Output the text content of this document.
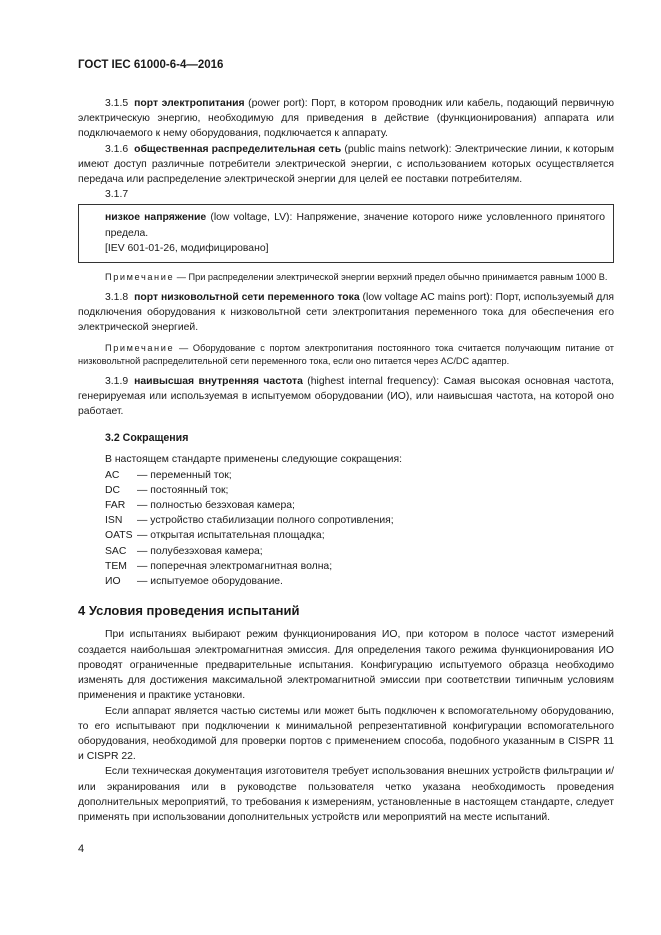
ГОСТ IEC 61000-6-4—2016

3.1.5 порт электропитания (power port): Порт, в котором проводник или кабель, подающий первичную электрическую энергию, необходимую для приведения в действие (функционирования) аппарата или подключаемого к нему оборудования, подключается к аппарату.

3.1.6 общественная распределительная сеть (public mains network): Электрические линии, к которым имеют доступ различные потребители электрической энергии, с использованием которых осуществляется передача или распределение электрической энергии для целей ее поставки потребителям.

3.1.7

низкое напряжение (low voltage, LV): Напряжение, значение которого ниже условленного принятого предела.
[IEV 601-01-26, модифицировано]

Примечание — При распределении электрической энергии верхний предел обычно принимается равным 1000 В.

3.1.8 порт низковольтной сети переменного тока (low voltage AC mains port): Порт, используемый для подключения оборудования к низковольтной сети электропитания переменного тока для обеспечения его электрической энергией.

Примечание — Оборудование с портом электропитания постоянного тока считается получающим питание от низковольтной распределительной сети переменного тока, если оно питается через AC/DC адаптер.

3.1.9 наивысшая внутренняя частота (highest internal frequency): Самая высокая основная частота, генерируемая или используемая в испытуемом оборудовании (ИО), или наивысшая частота, на которой оно работает.

3.2 Сокращения

В настоящем стандарте применены следующие сокращения:

AC	— переменный ток;
DC	— постоянный ток;
FAR	— полностью безэховая камера;
ISN	— устройство стабилизации полного сопротивления;
OATS — открытая испытательная площадка;
SAC	— полубезэховая камера;
TEM — поперечная электромагнитная волна;
ИО	— испытуемое оборудование.
4 Условия проведения испытаний

При испытаниях выбирают режим функционирования ИО, при котором в полосе частот измерений создается наибольшая электромагнитная эмиссия. Для определения такого режима функционирования ИО проводят ограниченные предварительные испытания. Конфигурацию испытуемого образца необходимо изменять для достижения максимальной электромагнитной эмиссии при соответствии типичным условиям применения и практике установки.

Если аппарат является частью системы или может быть подключен к вспомогательному оборудованию, то его испытывают при подключении к минимальной репрезентативной конфигурации вспомогательного оборудования, необходимой для проверки портов с применением способа, подобного указанным в CISPR 11 и CISPR 22.

Если техническая документация изготовителя требует использования внешних устройств фильтрации и/или экранирования или в руководстве пользователя четко указана необходимость проведения дополнительных мероприятий, то требования к измерениям, установленные в настоящем стандарте, следует применять при использовании дополнительных устройств или мероприятий на месте испытаний.

4
